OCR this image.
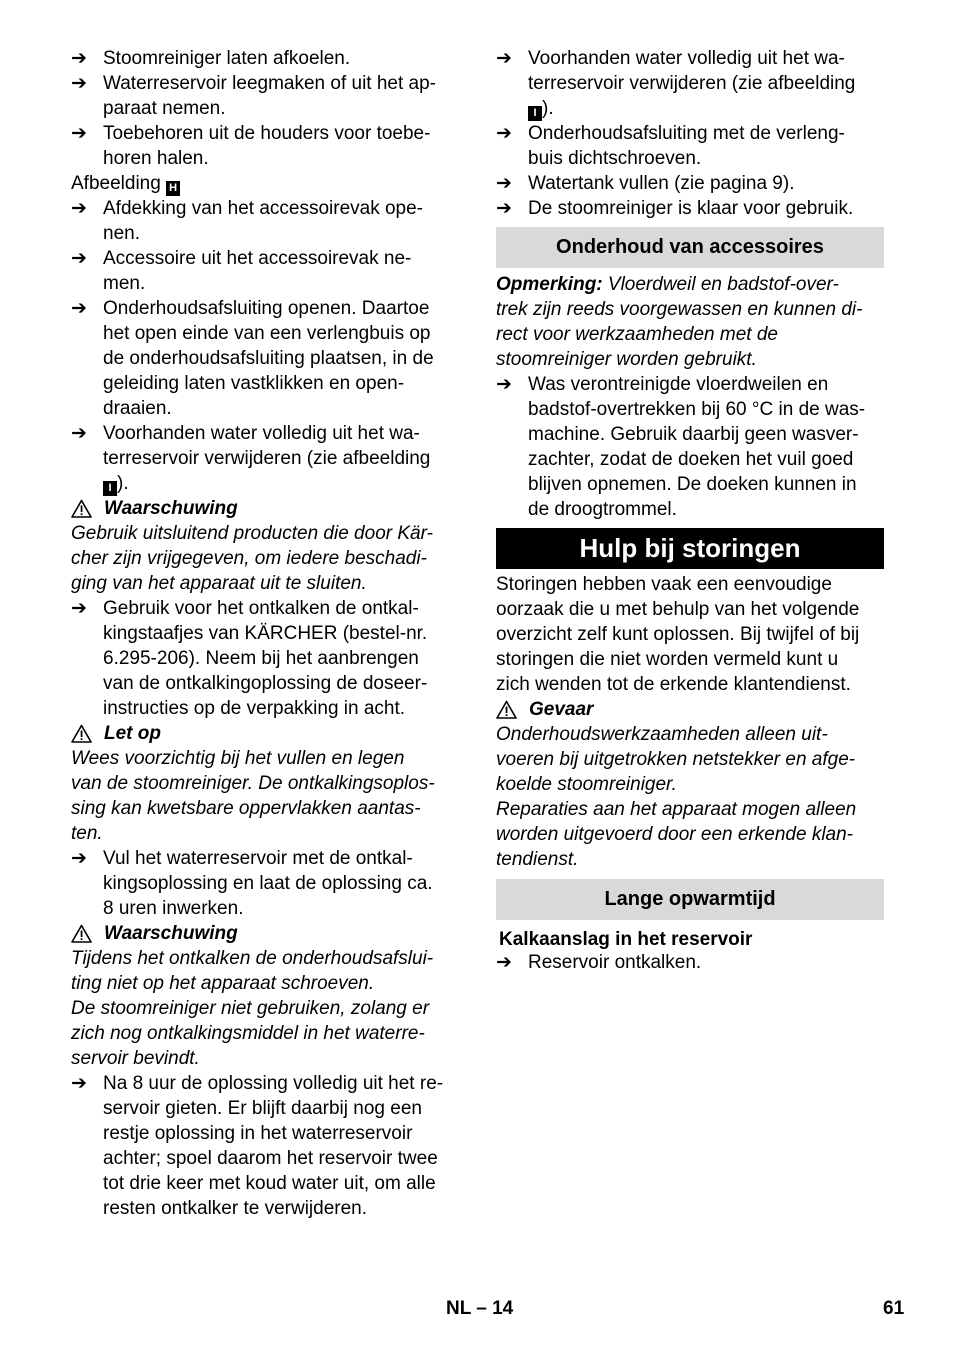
➔ Stoomreiniger laten afkoelen.
➔ Waterreservoir leegmaken of uit het ap-
paraat nemen.
➔ Toebehoren uit de houders voor toebe-
horen halen.
Afbeelding H
➔ Afdekking van het accessoirevak ope-
nen.
➔ Accessoire uit het accessoirevak ne-
men.
➔ Onderhoudsafsluiting openen. Daartoe
het open einde van een verlengbuis op
de onderhoudsafsluiting plaatsen, in de
geleiding laten vastklikken en open-
draaien.
➔ Voorhanden water volledig uit het wa-
terreservoir verwijderen (zie afbeelding
I ).
Waarschuwing
Gebruik uitsluitend producten die door Kär-
cher zijn vrijgegeven, om iedere beschadi-
ging van het apparaat uit te sluiten.
➔ Gebruik voor het ontkalken de ontkal-
kingstaafjes van KÄRCHER (bestel-nr.
6.295-206). Neem bij het aanbrengen
van de ontkalkingoplossing de doseer-
instructies op de verpakking in acht.
Let op
Wees voorzichtig bij het vullen en legen
van de stoomreiniger. De ontkalkingsoplos-
sing kan kwetsbare oppervlakken aantas-
ten.
➔ Vul het waterreservoir met de ontkal-
kingsoplossing en laat de oplossing ca.
8 uren inwerken.
Waarschuwing
Tijdens het ontkalken de onderhoudsafslui-
ting niet op het apparaat schroeven.
De stoomreiniger niet gebruiken, zolang er
zich nog ontkalkingsmiddel in het waterre-
servoir bevindt.
➔ Na 8 uur de oplossing volledig uit het re-
servoir gieten. Er blijft daarbij nog een
restje oplossing in het waterreservoir
achter; spoel daarom het reservoir twee
tot drie keer met koud water uit, om alle
resten ontkalker te verwijderen.
➔ Voorhanden water volledig uit het wa-
terreservoir verwijderen (zie afbeelding
I ).
➔ Onderhoudsafsluiting met de verleng-
buis dichtschroeven.
➔ Watertank vullen (zie pagina 9).
➔ De stoomreiniger is klaar voor gebruik.
Onderhoud van accessoires
Opmerking: Vloerdweil en badstof-over-
trek zijn reeds voorgewassen en kunnen di-
rect voor werkzaamheden met de
stoomreiniger worden gebruikt.
➔ Was verontreinigde vloerdweilen en
badstof-overtrekken bij 60 °C in de was-
machine. Gebruik daarbij geen wasver-
zachter, zodat de doeken het vuil goed
blijven opnemen. De doeken kunnen in
de droogtrommel.
Hulp bij storingen
Storingen hebben vaak een eenvoudige
oorzaak die u met behulp van het volgende
overzicht zelf kunt oplossen. Bij twijfel of bij
storingen die niet worden vermeld kunt u
zich wenden tot de erkende klantendienst.
Gevaar
Onderhoudswerkzaamheden alleen uit-
voeren bij uitgetrokken netstekker en afge-
koelde stoomreiniger.
Reparaties aan het apparaat mogen alleen
worden uitgevoerd door een erkende klan-
tendienst.
Lange opwarmtijd
Kalkaanslag in het reservoir
➔ Reservoir ontkalken.
NL – 14	61
